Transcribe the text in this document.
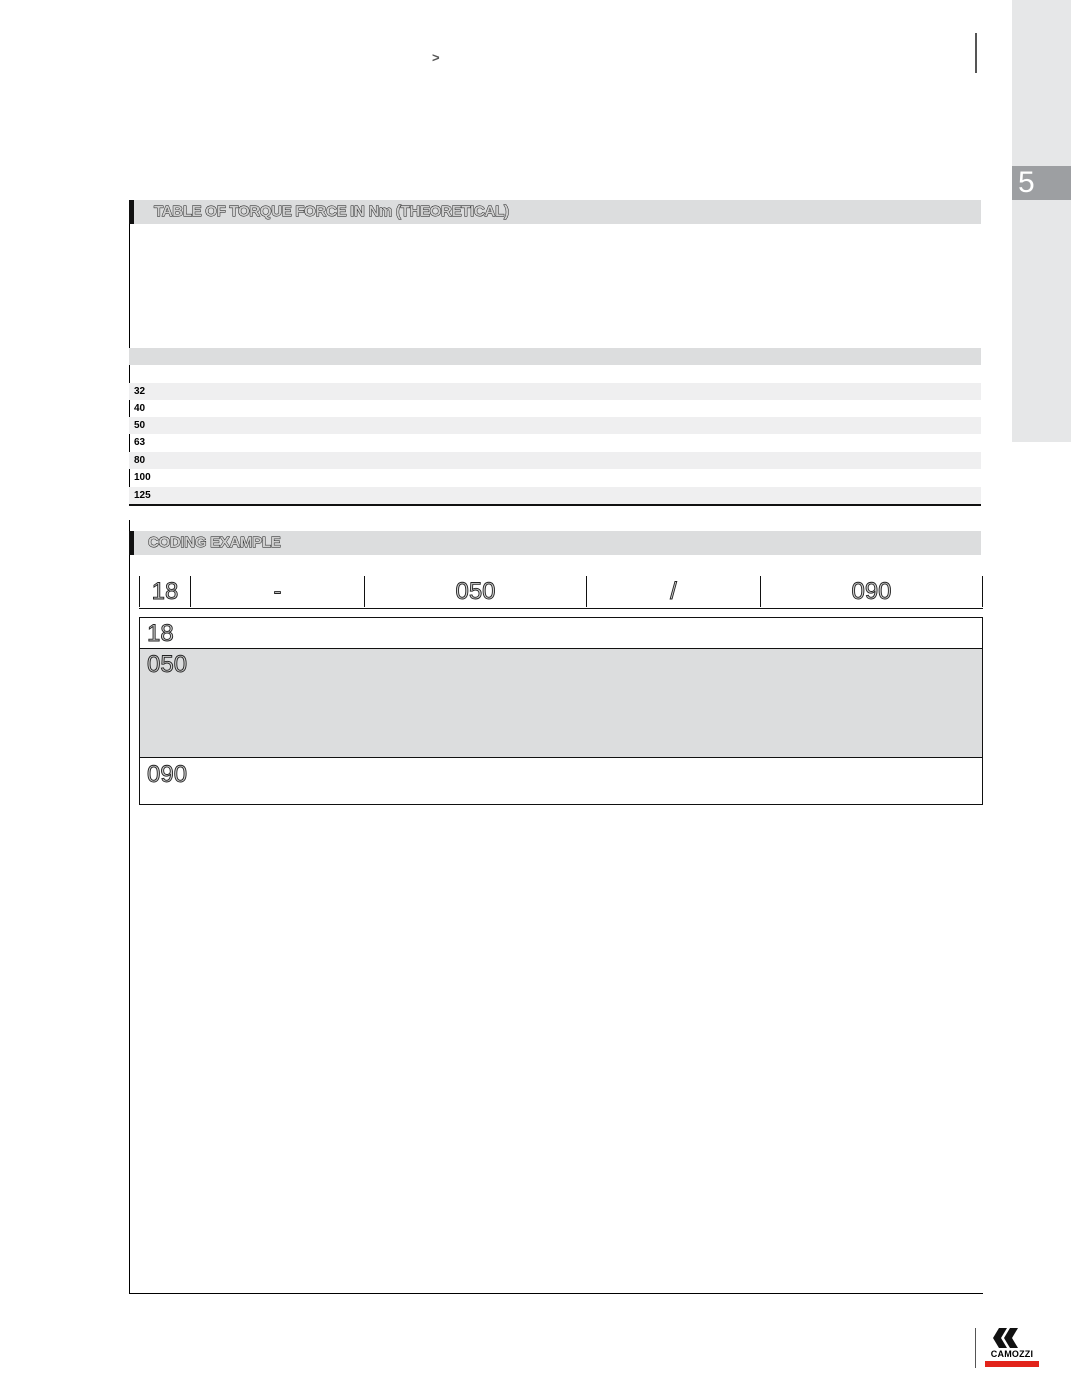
>
5
TABLE OF TORQUE FORCE IN Nm (THEORETICAL)
32
40
50
63
80
100
125
CODING EXAMPLE
18	-	050	/	090
18
050
090
CAMOZZI
